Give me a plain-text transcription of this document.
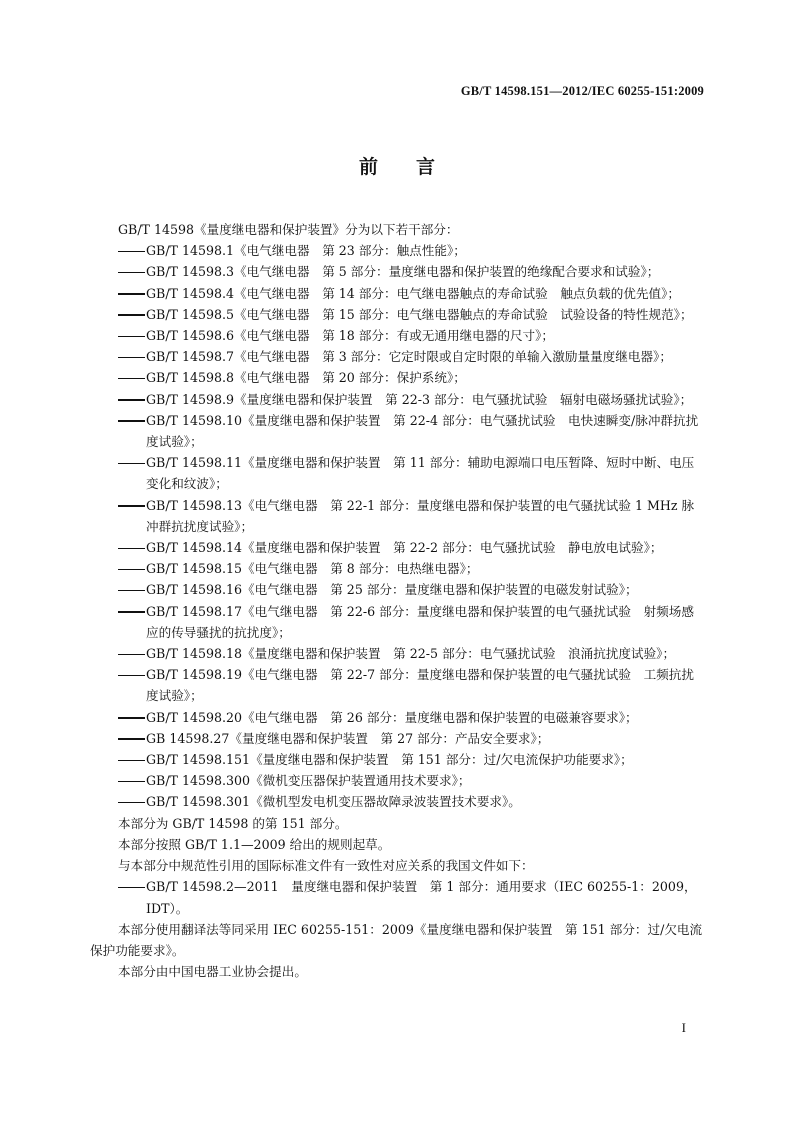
GB/T 14598.151—2012/IEC 60255-151:2009
前言

GB/T 14598《量度继电器和保护装置》分为以下若干部分：

GB/T 14598.1《电气继电器　第 23 部分：触点性能》；

GB/T 14598.3《电气继电器　第 5 部分：量度继电器和保护装置的绝缘配合要求和试验》；

GB/T 14598.4《电气继电器　第 14 部分：电气继电器触点的寿命试验　触点负载的优先值》；

GB/T 14598.5《电气继电器　第 15 部分：电气继电器触点的寿命试验　试验设备的特性规范》；

GB/T 14598.6《电气继电器　第 18 部分：有或无通用继电器的尺寸》；

GB/T 14598.7《电气继电器　第 3 部分：它定时限或自定时限的单输入激励量量度继电器》；

GB/T 14598.8《电气继电器　第 20 部分：保护系统》；

GB/T 14598.9《量度继电器和保护装置　第 22-3 部分：电气骚扰试验　辐射电磁场骚扰试验》；

GB/T 14598.10《量度继电器和保护装置　第 22-4 部分：电气骚扰试验　电快速瞬变/脉冲群抗扰度试验》；

GB/T 14598.11《量度继电器和保护装置　第 11 部分：辅助电源端口电压暂降、短时中断、电压变化和纹波》；

GB/T 14598.13《电气继电器　第 22-1 部分：量度继电器和保护装置的电气骚扰试验 1 MHz 脉冲群抗扰度试验》；

GB/T 14598.14《量度继电器和保护装置　第 22-2 部分：电气骚扰试验　静电放电试验》；

GB/T 14598.15《电气继电器　第 8 部分：电热继电器》；

GB/T 14598.16《电气继电器　第 25 部分：量度继电器和保护装置的电磁发射试验》；

GB/T 14598.17《电气继电器　第 22-6 部分：量度继电器和保护装置的电气骚扰试验　射频场感应的传导骚扰的抗扰度》；

GB/T 14598.18《量度继电器和保护装置　第 22-5 部分：电气骚扰试验　浪涌抗扰度试验》；

GB/T 14598.19《电气继电器　第 22-7 部分：量度继电器和保护装置的电气骚扰试验　工频抗扰度试验》；

GB/T 14598.20《电气继电器　第 26 部分：量度继电器和保护装置的电磁兼容要求》；

GB 14598.27《量度继电器和保护装置　第 27 部分：产品安全要求》；

GB/T 14598.151《量度继电器和保护装置　第 151 部分：过/欠电流保护功能要求》；

GB/T 14598.300《微机变压器保护装置通用技术要求》；

GB/T 14598.301《微机型发电机变压器故障录波装置技术要求》。

本部分为 GB/T 14598 的第 151 部分。

本部分按照 GB/T 1.1—2009 给出的规则起草。

与本部分中规范性引用的国际标准文件有一致性对应关系的我国文件如下：

GB/T 14598.2—2011　量度继电器和保护装置　第 1 部分：通用要求（IEC 60255-1：2009，IDT）。

本部分使用翻译法等同采用 IEC 60255-151：2009《量度继电器和保护装置　第 151 部分：过/欠电流保护功能要求》。

本部分由中国电器工业协会提出。

I
